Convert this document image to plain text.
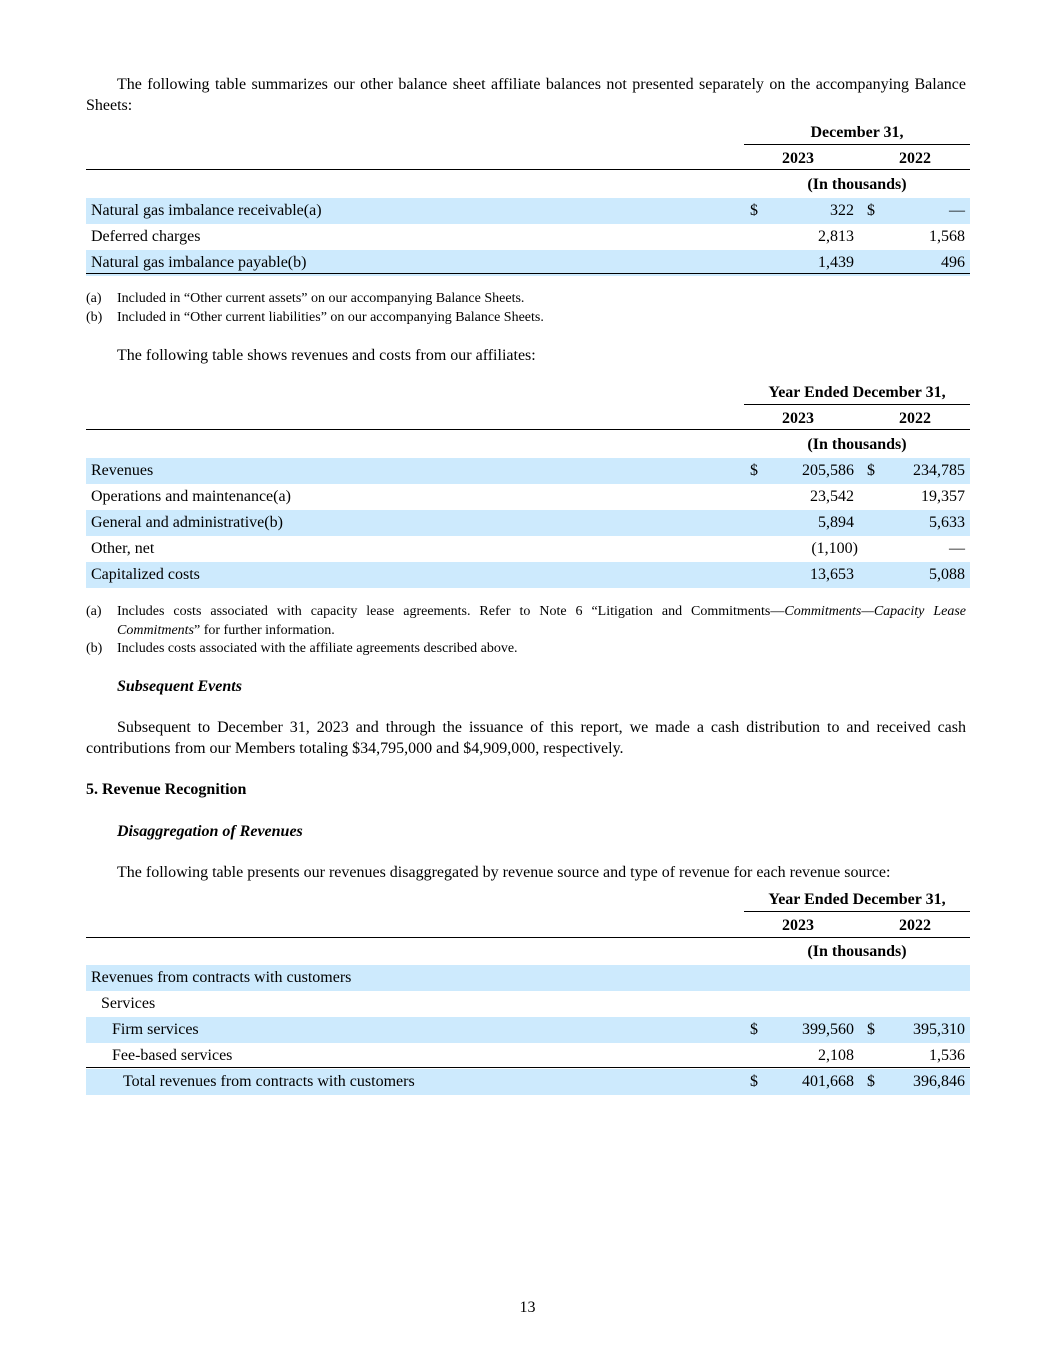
The following table summarizes our other balance sheet affiliate balances not presented separately on the accompanying Balance Sheets:
December 31,
2023	2022
(In thousands)
Natural gas imbalance receivable(a)	$	322 $	—
Deferred charges	2,813	1,568
Natural gas imbalance payable(b)	1,439	496
(a) Included in “Other current assets” on our accompanying Balance Sheets.
(b) Included in “Other current liabilities” on our accompanying Balance Sheets.
The following table shows revenues and costs from our affiliates:
Year Ended December 31,
2023	2022
(In thousands)
Revenues	$	205,586 $ 234,785
Operations and maintenance(a)	23,542	19,357
General and administrative(b)	5,894	5,633
Other, net	(1,100)	—
Capitalized costs	13,653	5,088
(a) Includes costs associated with capacity lease agreements. Refer to Note 6 “Litigation and Commitments—Commitments—Capacity Lease Commitments” for further information.
(b) Includes costs associated with the affiliate agreements described above.
Subsequent Events
Subsequent to December 31, 2023 and through the issuance of this report, we made a cash distribution to and received cash contributions from our Members totaling $34,795,000 and $4,909,000, respectively.
5. Revenue Recognition
Disaggregation of Revenues
The following table presents our revenues disaggregated by revenue source and type of revenue for each revenue source:
Year Ended December 31,
2023	2022
(In thousands)
Revenues from contracts with customers
Services
Firm services	$	399,560 $ 395,310
Fee-based services	2,108	1,536
Total revenues from contracts with customers	$	401,668 $ 396,846
13
